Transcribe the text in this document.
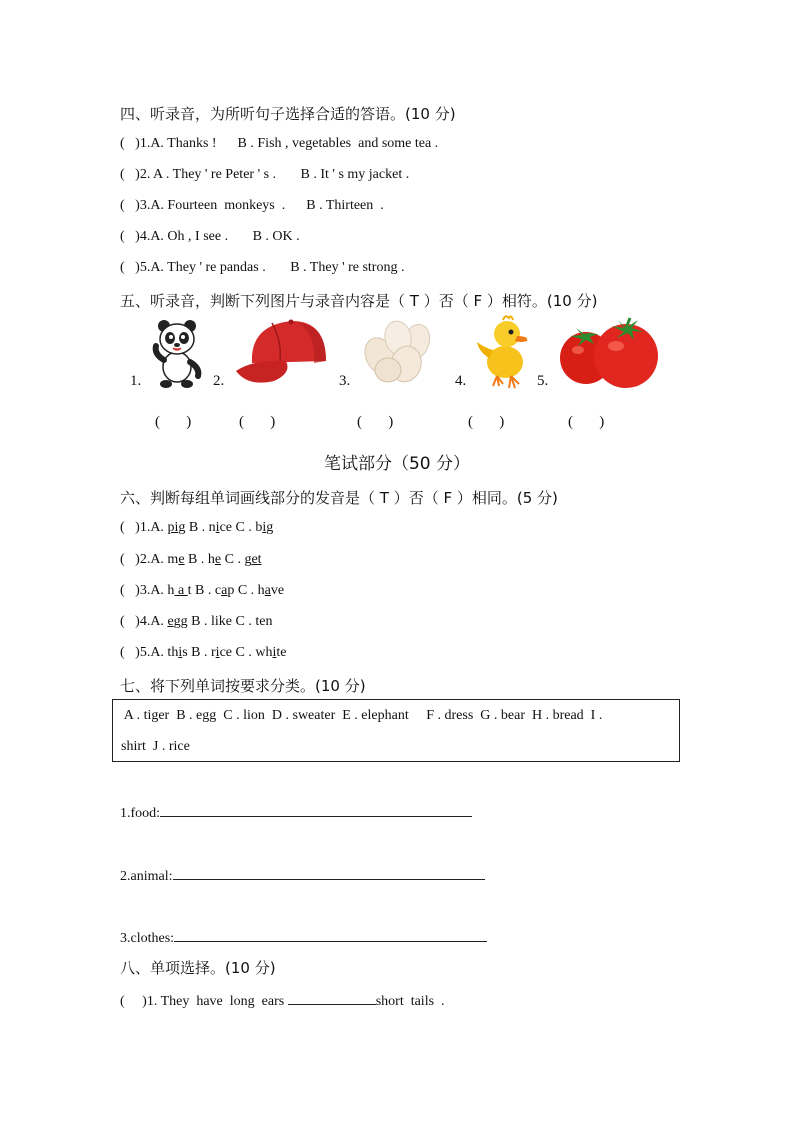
四、听录音，为所听句子选择合适的答语。(10 分)
(   )1.A. Thanks !      B . Fish , vegetables  and some tea .
(   )2. A . They ' re Peter ' s .       B . It ' s my jacket .
(   )3.A. Fourteen  monkeys  .      B . Thirteen  .
(   )4.A. Oh , I see .       B . OK .
(   )5.A. They ' re pandas .       B . They ' re strong .
五、听录音，判断下列图片与录音内容是（ T ）否（ F ）相符。(10 分)
1.	2.	3.	4.	5.
(       )	(       )	(       )	(       )	(       )
笔试部分（50 分）
六、判断每组单词画线部分的发音是（ T ）否（ F ）相同。(5 分)
(   )1.A. pig B . nice C . big
(   )2.A. me B . he C . get
(   )3.A. h a t B . cap C . have
(   )4.A. egg B . like C . ten
(   )5.A. this B . rice C . white
七、将下列单词按要求分类。(10 分)
A . tiger  B . egg  C . lion  D . sweater  E . elephant     F . dress  G . bear  H . bread  I .
shirt  J . rice
1.food:
2.animal:
3.clothes:
八、单项选择。(10 分)
(     )1. They  have  long  ears	short  tails  .
